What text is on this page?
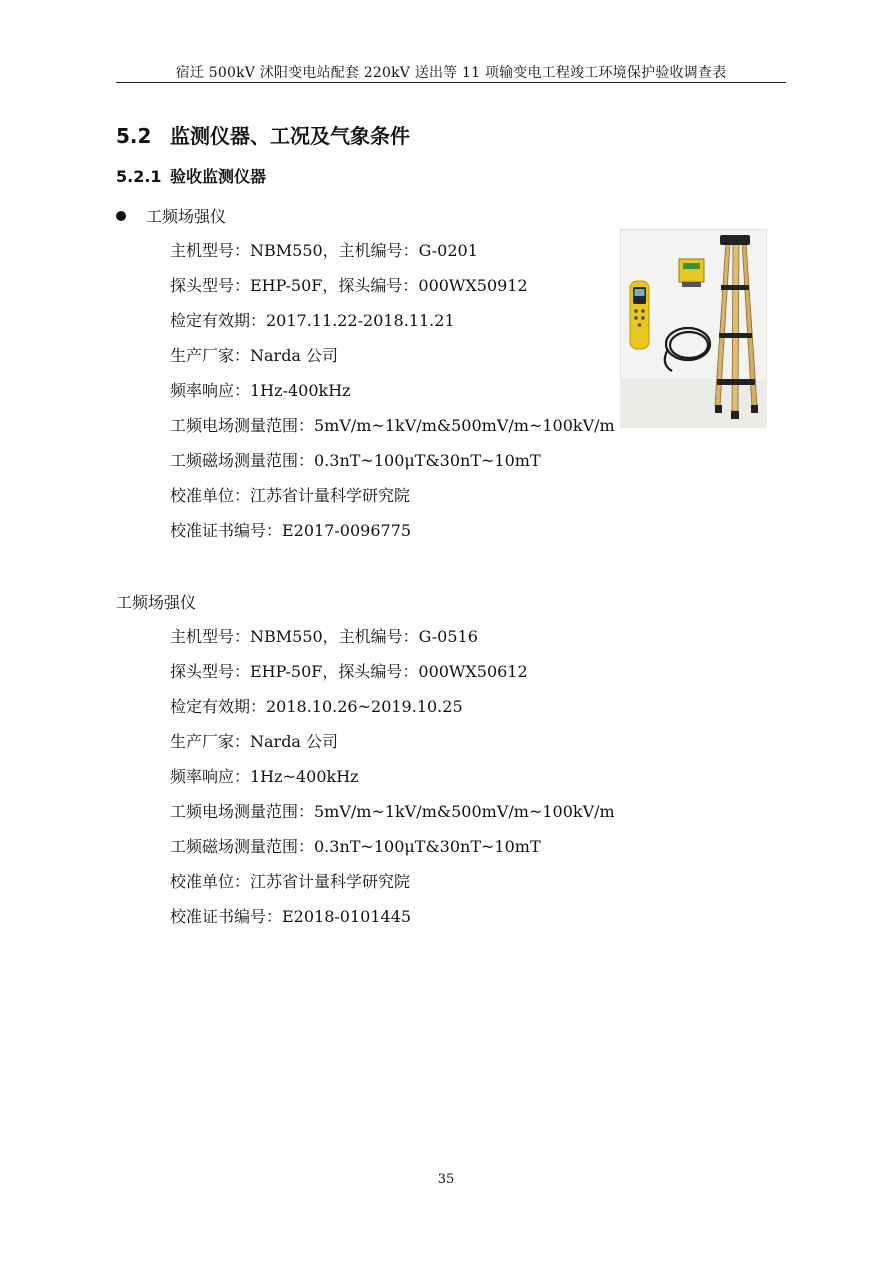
宿迁 500kV 沭阳变电站配套 220kV 送出等 11 项输变电工程竣工环境保护验收调查表
5.2 监测仪器、工况及气象条件
5.2.1 验收监测仪器
工频场强仪
主机型号：NBM550，主机编号：G-0201
探头型号：EHP-50F，探头编号：000WX50912
检定有效期：2017.11.22-2018.11.21
生产厂家：Narda 公司
频率响应：1Hz-400kHz
工频电场测量范围：5mV/m~1kV/m&500mV/m~100kV/m
工频磁场测量范围：0.3nT~100μT&30nT~10mT
校准单位：江苏省计量科学研究院
校准证书编号：E2017-0096775
工频场强仪
主机型号：NBM550，主机编号：G-0516
探头型号：EHP-50F，探头编号：000WX50612
检定有效期：2018.10.26~2019.10.25
生产厂家：Narda 公司
频率响应：1Hz~400kHz
工频电场测量范围：5mV/m~1kV/m&500mV/m~100kV/m
工频磁场测量范围：0.3nT~100μT&30nT~10mT
校准单位：江苏省计量科学研究院
校准证书编号：E2018-0101445
35
